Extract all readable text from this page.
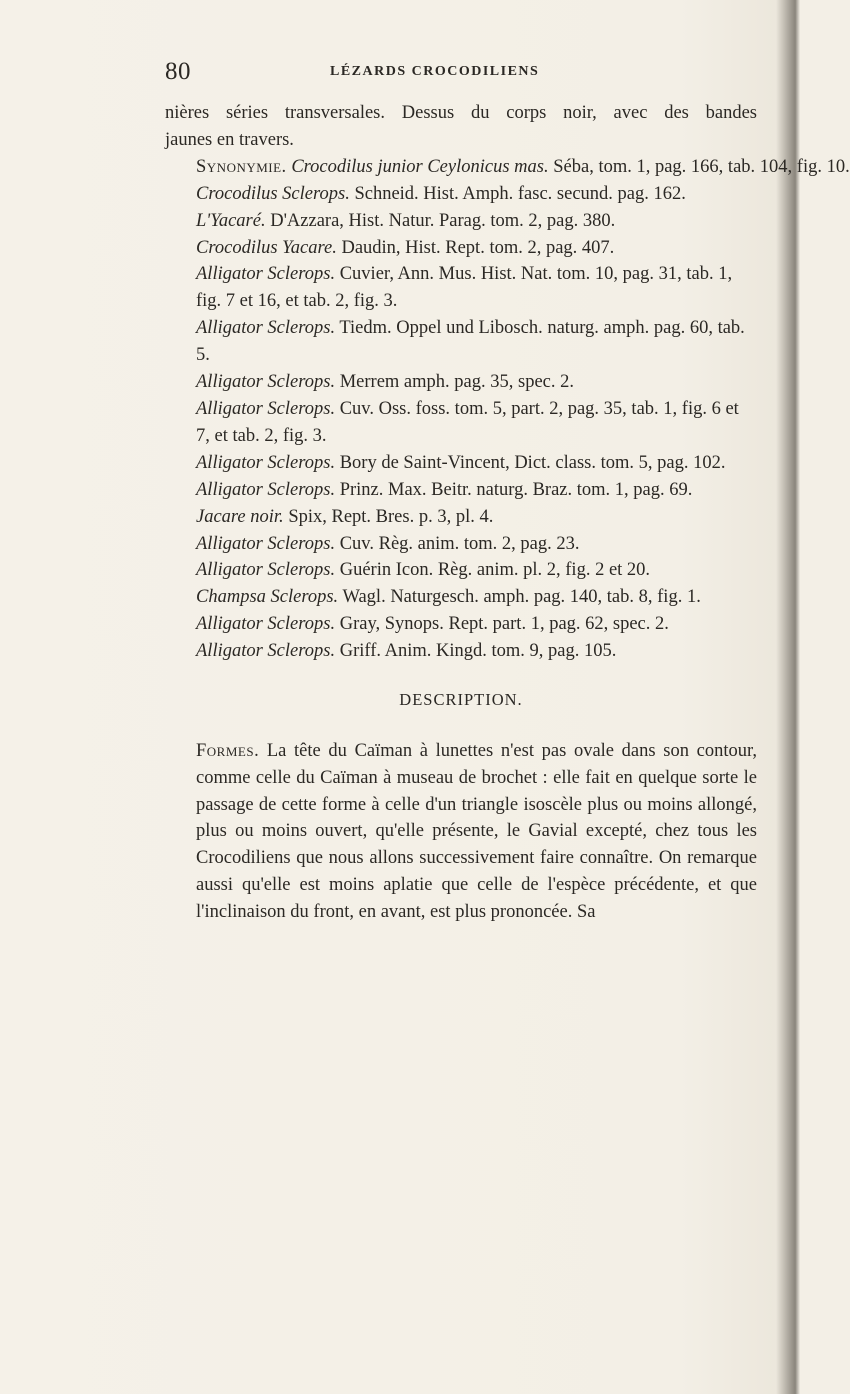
80	LÉZARDS CROCODILIENS
nières séries transversales. Dessus du corps noir, avec des bandes
jaunes en travers.
Synonymie. Crocodilus junior Ceylonicus mas. Séba, tom. 1, pag. 166, tab. 104, fig. 10.
Crocodilus Sclerops. Schneid. Hist. Amph. fasc. secund. pag. 162.
L'Yacaré. D'Azzara, Hist. Natur. Parag. tom. 2, pag. 380.
Crocodilus Yacare. Daudin, Hist. Rept. tom. 2, pag. 407.
Alligator Sclerops. Cuvier, Ann. Mus. Hist. Nat. tom. 10, pag. 31, tab. 1, fig. 7 et 16, et tab. 2, fig. 3.
Alligator Sclerops. Tiedm. Oppel und Libosch. naturg. amph. pag. 60, tab. 5.
Alligator Sclerops. Merrem amph. pag. 35, spec. 2.
Alligator Sclerops. Cuv. Oss. foss. tom. 5, part. 2, pag. 35, tab. 1, fig. 6 et 7, et tab. 2, fig. 3.
Alligator Sclerops. Bory de Saint-Vincent, Dict. class. tom. 5, pag. 102.
Alligator Sclerops. Prinz. Max. Beitr. naturg. Braz. tom. 1, pag. 69.
Jacare noir. Spix, Rept. Bres. p. 3, pl. 4.
Alligator Sclerops. Cuv. Règ. anim. tom. 2, pag. 23.
Alligator Sclerops. Guérin Icon. Règ. anim. pl. 2, fig. 2 et 20.
Champsa Sclerops. Wagl. Naturgesch. amph. pag. 140, tab. 8, fig. 1.
Alligator Sclerops. Gray, Synops. Rept. part. 1, pag. 62, spec. 2.
Alligator Sclerops. Griff. Anim. Kingd. tom. 9, pag. 105.
DESCRIPTION.
Formes. La tête du Caïman à lunettes n'est pas ovale dans son contour, comme celle du Caïman à museau de brochet : elle fait en quelque sorte le passage de cette forme à celle d'un triangle isoscèle plus ou moins allongé, plus ou moins ouvert, qu'elle présente, le Gavial excepté, chez tous les Crocodiliens que nous allons successivement faire connaître. On remarque aussi qu'elle est moins aplatie que celle de l'espèce précédente, et que l'inclinaison du front, en avant, est plus prononcée. Sa
